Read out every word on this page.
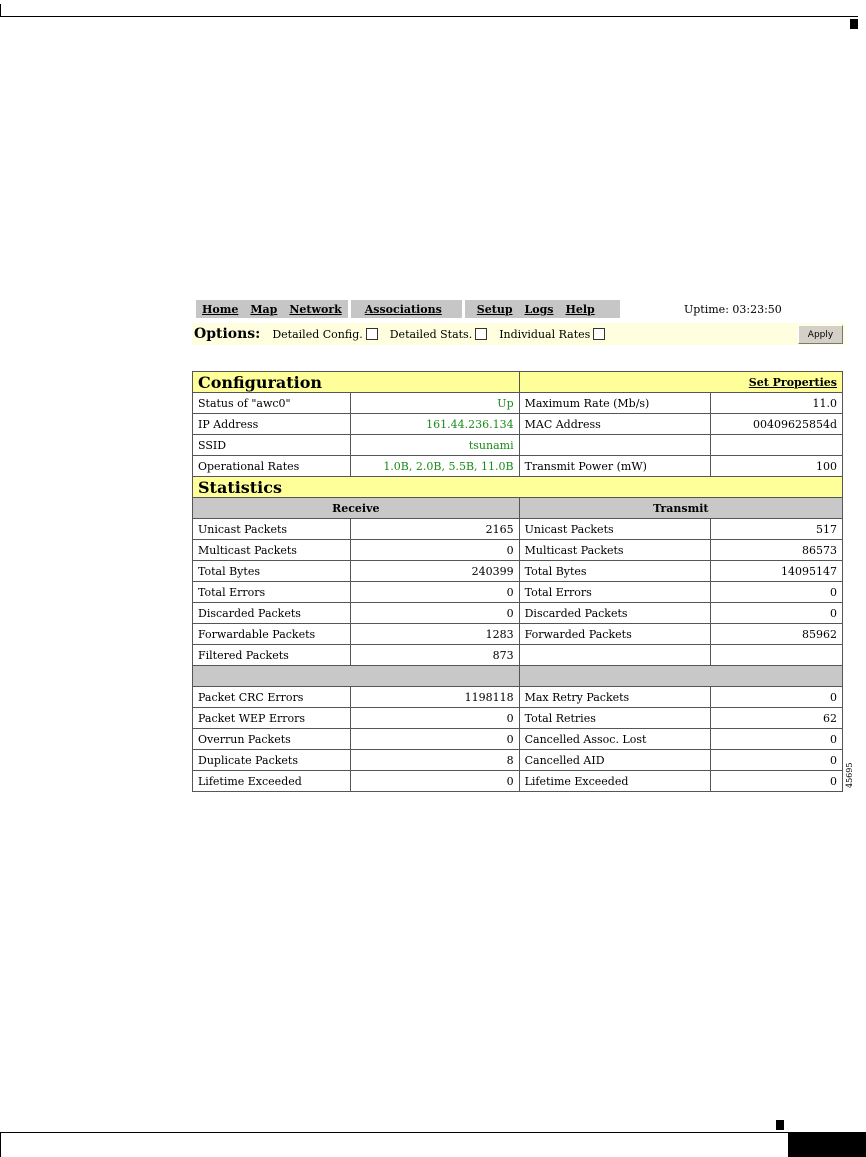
Home Map Network Associations	Setup Logs Help	Uptime: 03:23:50
Options: Detailed Config. Detailed Stats. Individual Rates	Apply
Configuration		Set Properties	
Status of "awc0"	Up	Maximum Rate (Mb/s)	11.0
IP Address	161.44.236.134	MAC Address	00409625854d
SSID	tsunami		
Operational Rates	1.0B, 2.0B, 5.5B, 11.0B	Transmit Power (mW)	100
Statistics			
Receive		Transmit	
Unicast Packets	2165	Unicast Packets	517
Multicast Packets	0	Multicast Packets	86573
Total Bytes	240399	Total Bytes	14095147
Total Errors	0	Total Errors	0
Discarded Packets	0	Discarded Packets	0
Forwardable Packets	1283	Forwarded Packets	85962
Filtered Packets	873		

Packet CRC Errors	1198118	Max Retry Packets	0
Packet WEP Errors	0	Total Retries	62
Overrun Packets	0	Cancelled Assoc. Lost	0
Duplicate Packets	8	Cancelled AID	0
Lifetime Exceeded	0	Lifetime Exceeded	0 45695
